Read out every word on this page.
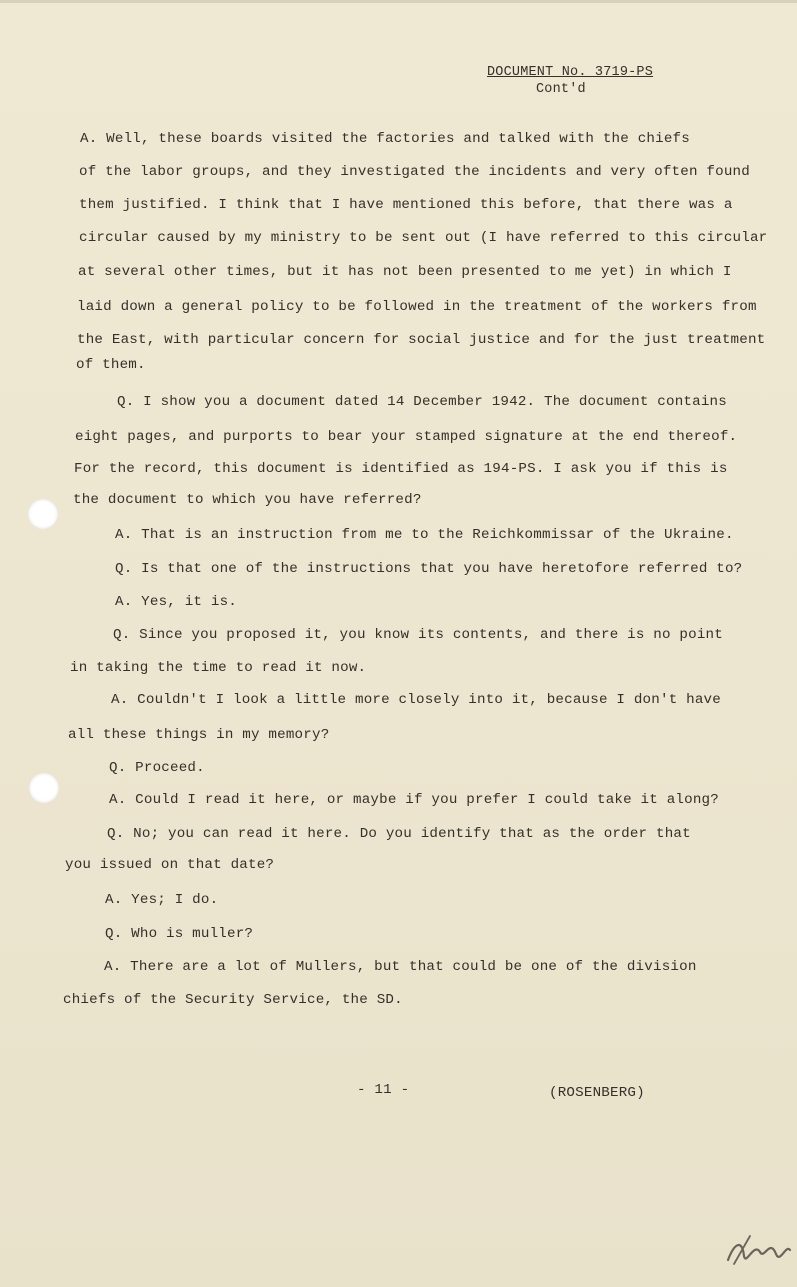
DOCUMENT No. 3719-PS
Cont'd
A. Well, these boards visited the factories and talked with the chiefs
of the labor groups, and they investigated the incidents and very often found
them justified. I think that I have mentioned this before, that there was a
circular caused by my ministry to be sent out (I have referred to this circular
at several other times, but it has not been presented to me yet) in which I
laid down a general policy to be followed in the treatment of the workers from
the East, with particular concern for social justice and for the just treatment
of them.
Q. I show you a document dated 14 December 1942. The document contains
eight pages, and purports to bear your stamped signature at the end thereof.
For the record, this document is identified as 194-PS. I ask you if this is
the document to which you have referred?
A. That is an instruction from me to the Reichkommissar of the Ukraine.
Q. Is that one of the instructions that you have heretofore referred to?
A. Yes, it is.
Q. Since you proposed it, you know its contents, and there is no point
in taking the time to read it now.
A. Couldn't I look a little more closely into it, because I don't have
all these things in my memory?
Q. Proceed.
A. Could I read it here, or maybe if you prefer I could take it along?
Q. No; you can read it here. Do you identify that as the order that
you issued on that date?
A. Yes; I do.
Q. Who is muller?
A. There are a lot of Mullers, but that could be one of the division
chiefs of the Security Service, the SD.
- 11 -	(ROSENBERG)
